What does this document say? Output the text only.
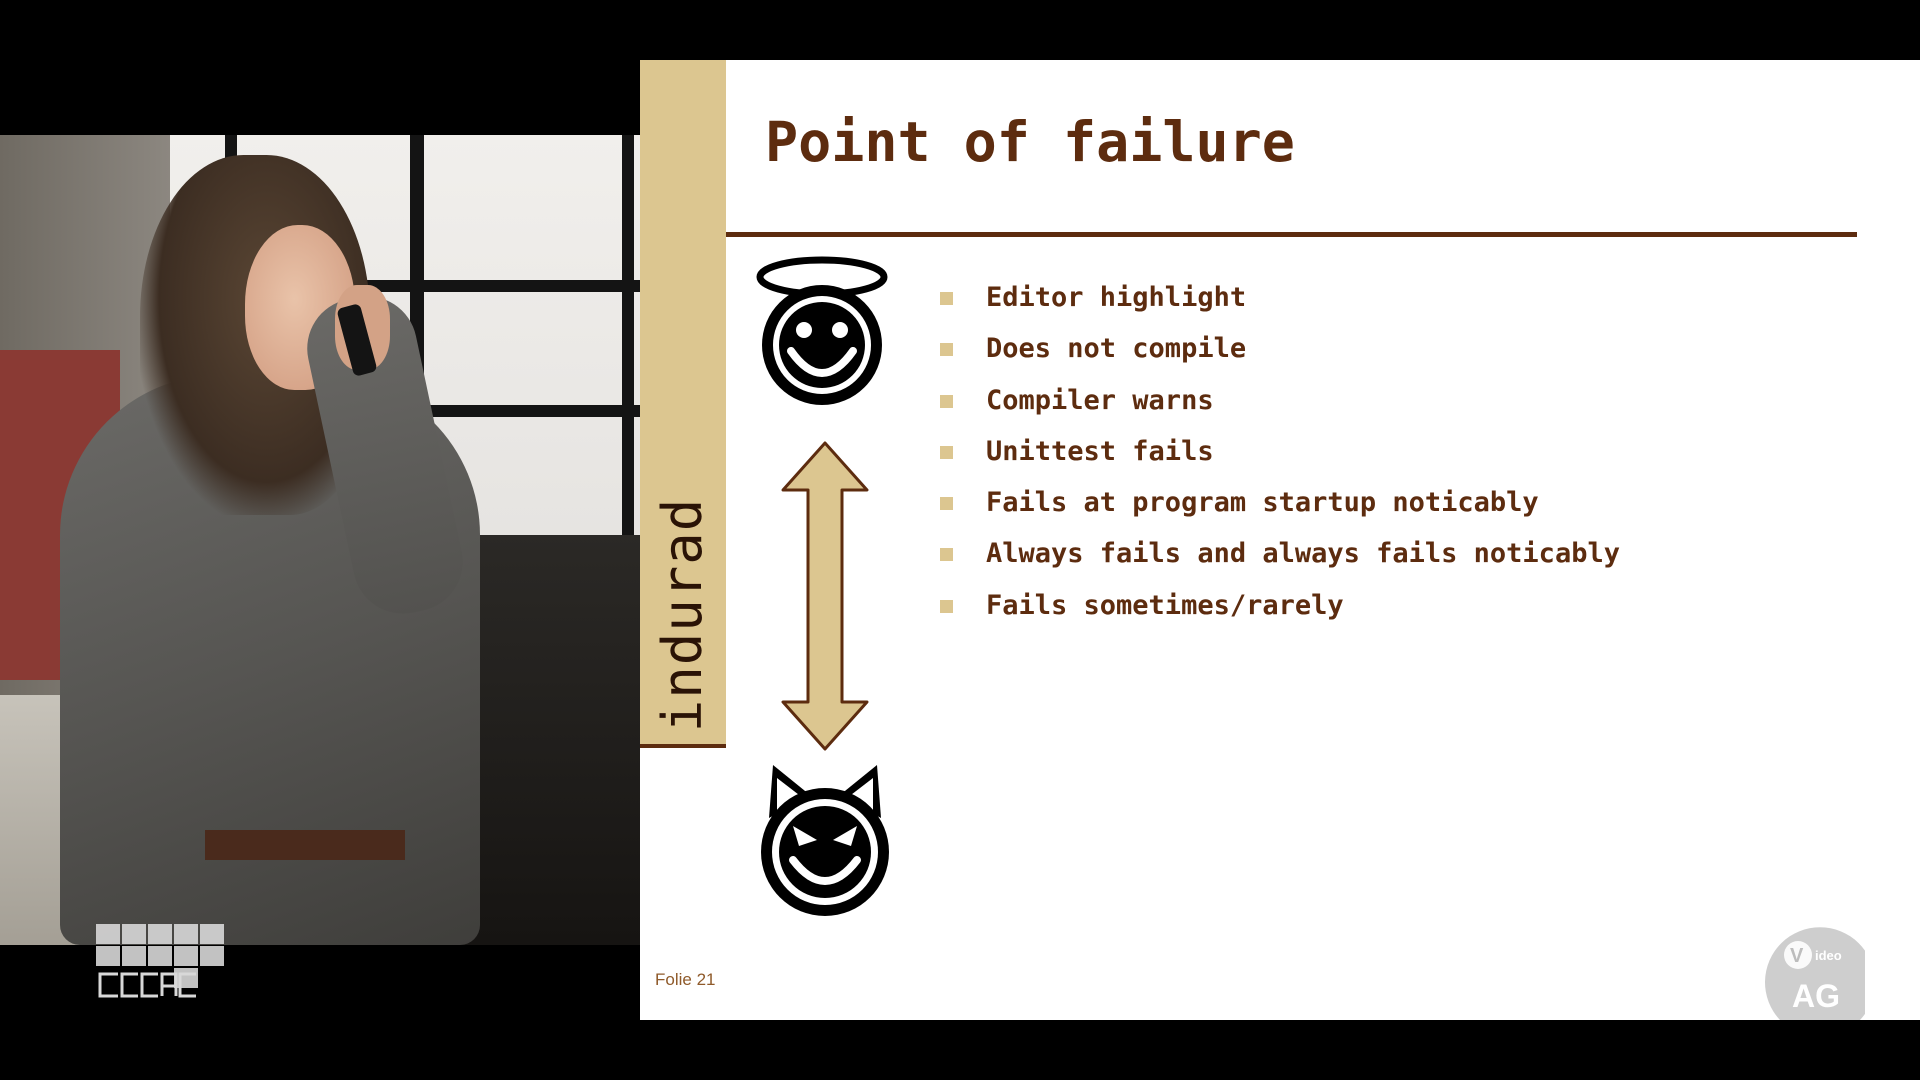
indurad
Point of failure
Editor highlight
Does not compile
Compiler warns
Unittest fails
Fails at program startup noticably
Always fails and always fails noticably
Fails sometimes/rarely
Folie 21
V ideo
AG
